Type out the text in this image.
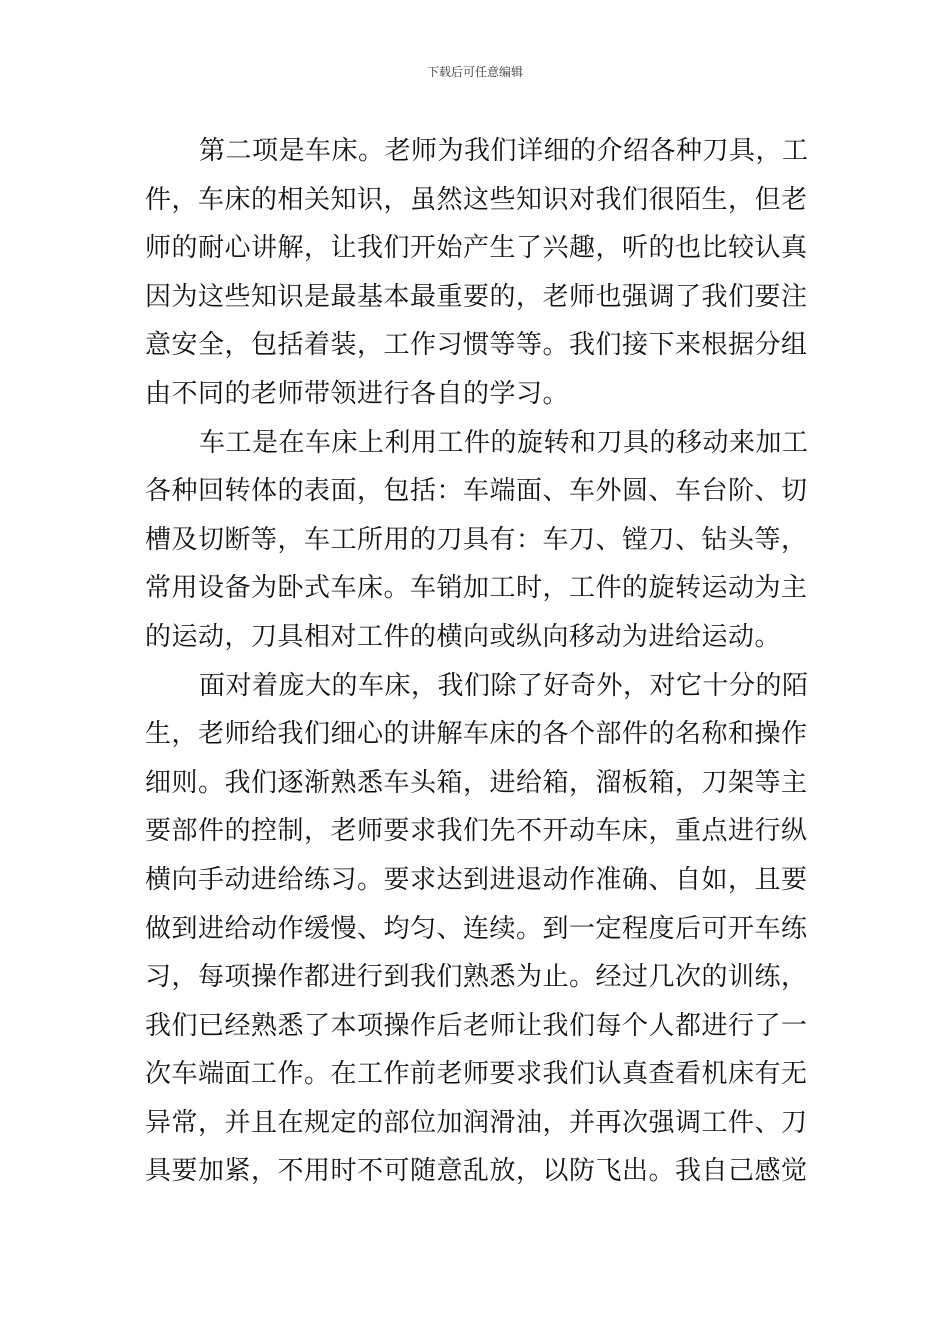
下载后可任意编辑
第二项是车床。老师为我们详细的介绍各种刀具，工
件，车床的相关知识，虽然这些知识对我们很陌生，但老
师的耐心讲解，让我们开始产生了兴趣，听的也比较认真
因为这些知识是最基本最重要的，老师也强调了我们要注
意安全，包括着装，工作习惯等等。我们接下来根据分组
由不同的老师带领进行各自的学习。
车工是在车床上利用工件的旋转和刀具的移动来加工
各种回转体的表面，包括：车端面、车外圆、车台阶、切
槽及切断等，车工所用的刀具有：车刀、镗刀、钻头等，
常用设备为卧式车床。车销加工时，工件的旋转运动为主
的运动，刀具相对工件的横向或纵向移动为进给运动。
面对着庞大的车床，我们除了好奇外，对它十分的陌
生，老师给我们细心的讲解车床的各个部件的名称和操作
细则。我们逐渐熟悉车头箱，进给箱，溜板箱，刀架等主
要部件的控制，老师要求我们先不开动车床，重点进行纵
横向手动进给练习。要求达到进退动作准确、自如，且要
做到进给动作缓慢、均匀、连续。到一定程度后可开车练
习，每项操作都进行到我们熟悉为止。经过几次的训练，
我们已经熟悉了本项操作后老师让我们每个人都进行了一
次车端面工作。在工作前老师要求我们认真查看机床有无
异常，并且在规定的部位加润滑油，并再次强调工件、刀
具要加紧，不用时不可随意乱放，以防飞出。我自己感觉
